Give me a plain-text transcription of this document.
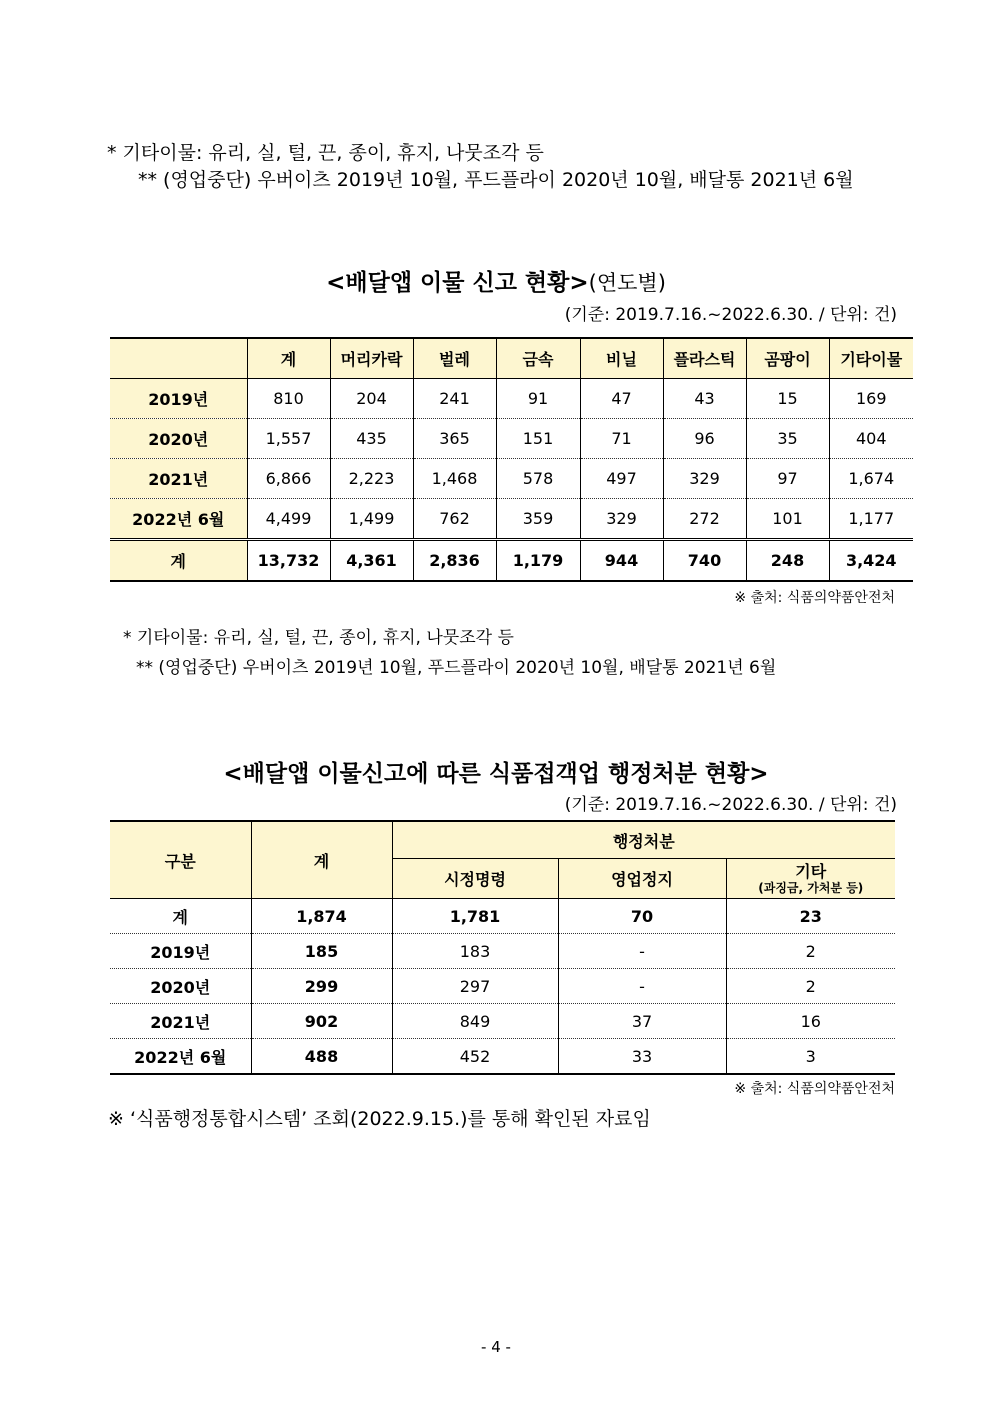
* 기타이물: 유리, 실, 털, 끈, 종이, 휴지, 나뭇조각 등
** (영업중단) 우버이츠 2019년 10월, 푸드플라이 2020년 10월, 배달통 2021년 6월
<배달앱 이물 신고 현황>(연도별)
(기준: 2019.7.16.~2022.6.30. / 단위: 건)
	계	머리카락	벌레	금속	비닐	플라스틱	곰팡이	기타이물
2019년	810	204	241	91	47	43	15	169
2020년	1,557	435	365	151	71	96	35	404
2021년	6,866	2,223	1,468	578	497	329	97	1,674
2022년 6월	4,499	1,499	762	359	329	272	101	1,177
계	13,732	4,361	2,836	1,179	944	740	248	3,424
※ 출처: 식품의약품안전처
* 기타이물: 유리, 실, 털, 끈, 종이, 휴지, 나뭇조각 등
** (영업중단) 우버이츠 2019년 10월, 푸드플라이 2020년 10월, 배달통 2021년 6월
<배달앱 이물신고에 따른 식품접객업 행정처분 현황>
(기준: 2019.7.16.~2022.6.30. / 단위: 건)
구분	계	행정처분		
		시정명령	영업정지	기타
(과징금, 가처분 등)

계	1,874	1,781	70	23
2019년	185	183	-	2
2020년	299	297	-	2
2021년	902	849	37	16
2022년 6월	488	452	33	3
※ 출처: 식품의약품안전처
※ ‘식품행정통합시스템’ 조회(2022.9.15.)를 통해 확인된 자료임
- 4 -
